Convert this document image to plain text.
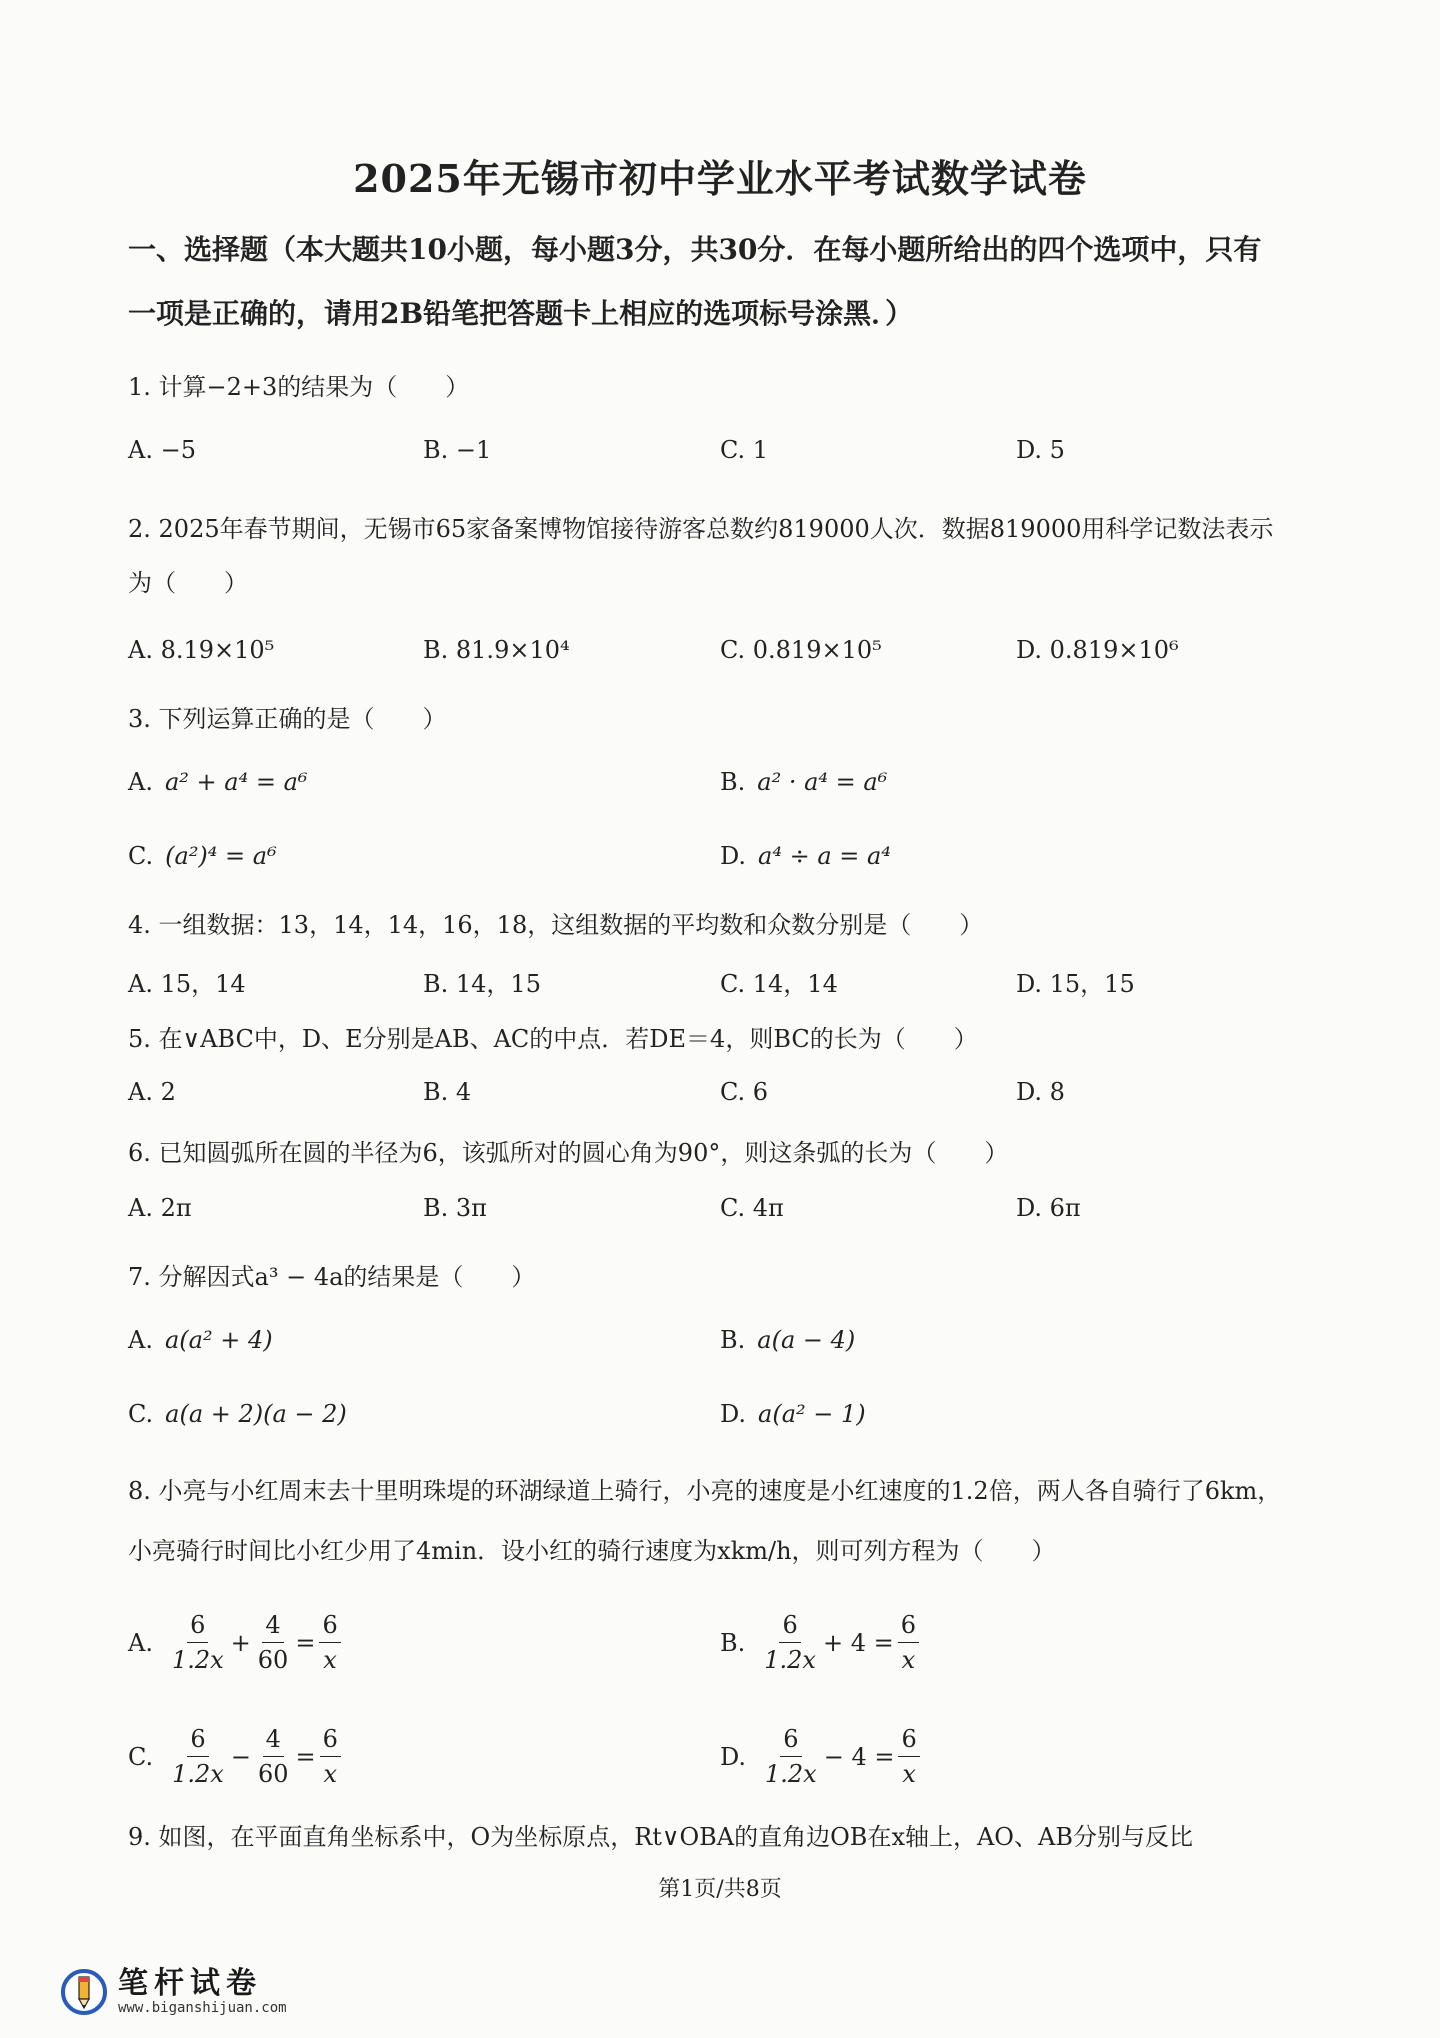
2025年无锡市初中学业水平考试数学试卷
一、选择题（本大题共10小题，每小题3分，共30分．在每小题所给出的四个选项中，只有
一项是正确的，请用2B铅笔把答题卡上相应的选项标号涂黑．）
1. 计算−2+3的结果为（　　）
A. −5	B. −1	C. 1	D. 5
2. 2025年春节期间，无锡市65家备案博物馆接待游客总数约819000人次．数据819000用科学记数法表示
为（　　）
A. 8.19×10⁵	B. 81.9×10⁴	C. 0.819×10⁵	D. 0.819×10⁶
3. 下列运算正确的是（　　）
A. a² + a⁴ = a⁶	B. a² · a⁴ = a⁶
C. (a²)⁴ = a⁶	D. a⁴ ÷ a = a⁴
4. 一组数据：13，14，14，16，18，这组数据的平均数和众数分别是（　　）
A. 15，14	B. 14，15	C. 14，14	D. 15，15
5. 在∨ABC中，D、E分别是AB、AC的中点．若DE＝4，则BC的长为（　　）
A. 2	B. 4	C. 6	D. 8
6. 已知圆弧所在圆的半径为6，该弧所对的圆心角为90°，则这条弧的长为（　　）
A. 2π	B. 3π	C. 4π	D. 6π
7. 分解因式a³ − 4a的结果是（　　）
A. a(a² + 4)	B. a(a − 4)
C. a(a + 2)(a − 2)	D. a(a² − 1)
8. 小亮与小红周末去十里明珠堤的环湖绿道上骑行，小亮的速度是小红速度的1.2倍，两人各自骑行了6km，
小亮骑行时间比小红少用了4min．设小红的骑行速度为xkm/h，则可列方程为（　　）
A. $\frac{6}{1.2x} + \frac{4}{60} = \frac{6}{x}$	B. $\frac{6}{1.2x} + 4 = \frac{6}{x}$
C. $\frac{6}{1.2x} - \frac{4}{60} = \frac{6}{x}$	D. $\frac{6}{1.2x} - 4 = \frac{6}{x}$
9. 如图，在平面直角坐标系中，O为坐标原点，Rt∨OBA的直角边OB在x轴上，AO、AB分别与反比
第1页/共8页
笔杆试卷
www.biganshijuan.com
